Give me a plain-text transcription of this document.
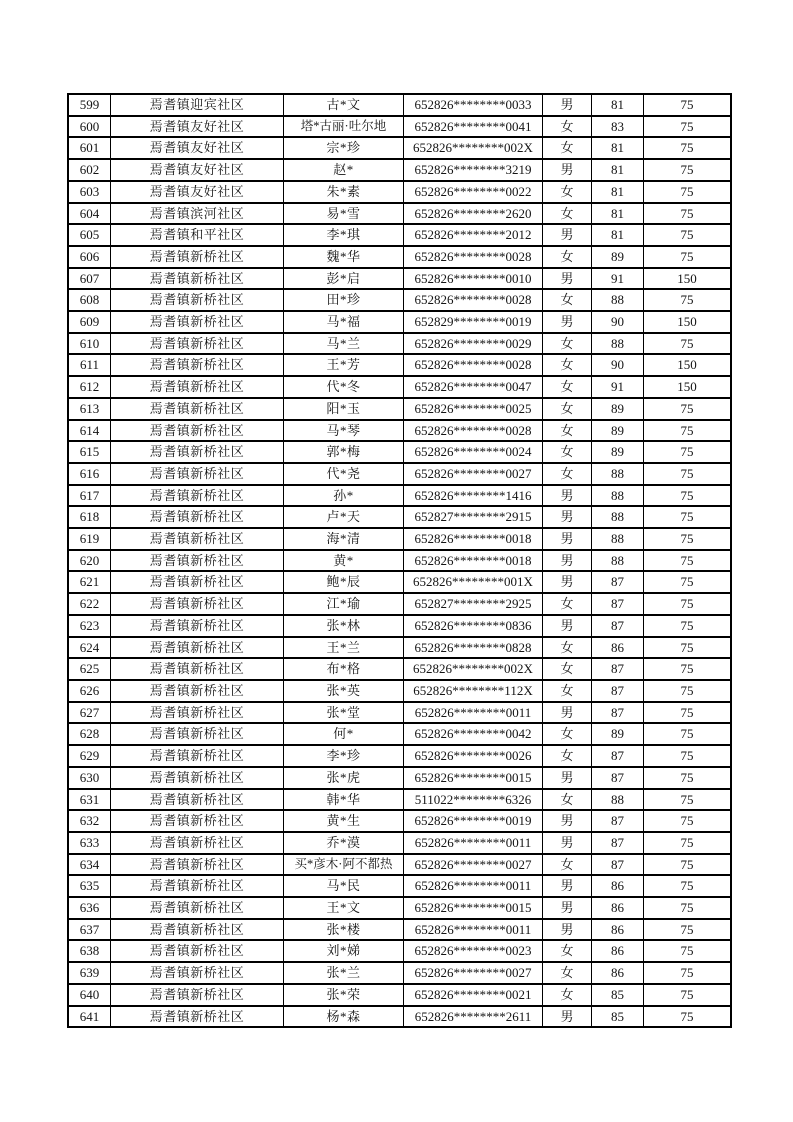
599	焉耆镇迎宾社区	古*文	652826********0033	男	81	75
600	焉耆镇友好社区	塔*古丽·吐尔地	652826********0041	女	83	75
601	焉耆镇友好社区	宗*珍	652826********002X	女	81	75
602	焉耆镇友好社区	赵*	652826********3219	男	81	75
603	焉耆镇友好社区	朱*素	652826********0022	女	81	75
604	焉耆镇滨河社区	易*雪	652826********2620	女	81	75
605	焉耆镇和平社区	李*琪	652826********2012	男	81	75
606	焉耆镇新桥社区	魏*华	652826********0028	女	89	75
607	焉耆镇新桥社区	彭*启	652826********0010	男	91	150
608	焉耆镇新桥社区	田*珍	652826********0028	女	88	75
609	焉耆镇新桥社区	马*福	652829********0019	男	90	150
610	焉耆镇新桥社区	马*兰	652826********0029	女	88	75
611	焉耆镇新桥社区	王*芳	652826********0028	女	90	150
612	焉耆镇新桥社区	代*冬	652826********0047	女	91	150
613	焉耆镇新桥社区	阳*玉	652826********0025	女	89	75
614	焉耆镇新桥社区	马*琴	652826********0028	女	89	75
615	焉耆镇新桥社区	郭*梅	652826********0024	女	89	75
616	焉耆镇新桥社区	代*尧	652826********0027	女	88	75
617	焉耆镇新桥社区	孙*	652826********1416	男	88	75
618	焉耆镇新桥社区	卢*天	652827********2915	男	88	75
619	焉耆镇新桥社区	海*清	652826********0018	男	88	75
620	焉耆镇新桥社区	黄*	652826********0018	男	88	75
621	焉耆镇新桥社区	鲍*辰	652826********001X	男	87	75
622	焉耆镇新桥社区	江*瑜	652827********2925	女	87	75
623	焉耆镇新桥社区	张*林	652826********0836	男	87	75
624	焉耆镇新桥社区	王*兰	652826********0828	女	86	75
625	焉耆镇新桥社区	布*格	652826********002X	女	87	75
626	焉耆镇新桥社区	张*英	652826********112X	女	87	75
627	焉耆镇新桥社区	张*堂	652826********0011	男	87	75
628	焉耆镇新桥社区	何*	652826********0042	女	89	75
629	焉耆镇新桥社区	李*珍	652826********0026	女	87	75
630	焉耆镇新桥社区	张*虎	652826********0015	男	87	75
631	焉耆镇新桥社区	韩*华	511022********6326	女	88	75
632	焉耆镇新桥社区	黄*生	652826********0019	男	87	75
633	焉耆镇新桥社区	乔*漠	652826********0011	男	87	75
634	焉耆镇新桥社区	买*彦木·阿不都热	652826********0027	女	87	75
635	焉耆镇新桥社区	马*民	652826********0011	男	86	75
636	焉耆镇新桥社区	王*文	652826********0015	男	86	75
637	焉耆镇新桥社区	张*楼	652826********0011	男	86	75
638	焉耆镇新桥社区	刘*娣	652826********0023	女	86	75
639	焉耆镇新桥社区	张*兰	652826********0027	女	86	75
640	焉耆镇新桥社区	张*荣	652826********0021	女	85	75
641	焉耆镇新桥社区	杨*森	652826********2611	男	85	75
